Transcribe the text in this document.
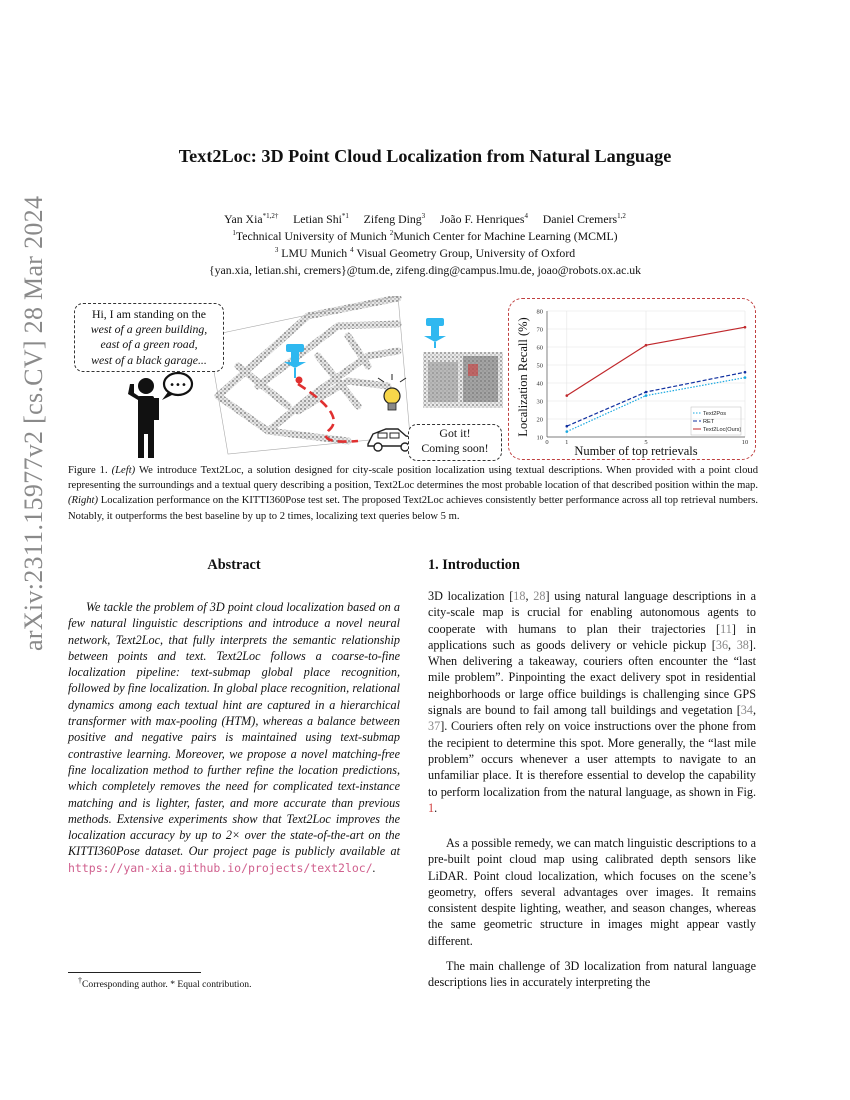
arXiv:2311.15977v2 [cs.CV] 28 Mar 2024
Text2Loc: 3D Point Cloud Localization from Natural Language
Yan Xia$^{*1,2\dagger}$ Letian Shi$^{*1}$ Zifeng Ding$^3$ João F. Henriques$^4$ Daniel Cremers$^{1,2}$
$^1$Technical University of Munich $^2$Munich Center for Machine Learning (MCML)
$^3$ LMU Munich $^4$ Visual Geometry Group, University of Oxford
{yan.xia, letian.shi, cremers}@tum.de, zifeng.ding@campus.lmu.de, joao@robots.ox.ac.uk
•••
Hi, I am standing on the
west of a green building,
east of a green road,
west of a black garage...
Got it!
Coming soon!
10
20
30
40
50
60
70
80
0	1	5	10
Localization Recall (%)
Number of top retrievals
Text2Pos
RET
Text2Loc(Ours)
Figure 1. (Left) We introduce Text2Loc, a solution designed for city-scale position localization using textual descriptions. When provided with a point cloud representing the surroundings and a textual query describing a position, Text2Loc determines the most probable location of that described position within the map. (Right) Localization performance on the KITTI360Pose test set. The proposed Text2Loc achieves consistently better performance across all top retrieval numbers. Notably, it outperforms the best baseline by up to 2 times, localizing text queries below 5 m.
Abstract
We tackle the problem of 3D point cloud localization based on a few natural linguistic descriptions and introduce a novel neural network, Text2Loc, that fully interprets the semantic relationship between points and text. Text2Loc follows a coarse-to-fine localization pipeline: text-submap global place recognition, followed by fine localization. In global place recognition, relational dynamics among each textual hint are captured in a hierarchical transformer with max-pooling (HTM), whereas a balance between positive and negative pairs is maintained using text-submap contrastive learning. Moreover, we propose a novel matching-free fine localization method to further refine the location predictions, which completely removes the need for complicated text-instance matching and is lighter, faster, and more accurate than previous methods. Extensive experiments show that Text2Loc improves the localization accuracy by up to 2× over the state-of-the-art on the KITTI360Pose dataset. Our project page is publicly available at https://yan-xia.github.io/projects/text2loc/.
1. Introduction
3D localization [18, 28] using natural language descriptions in a city-scale map is crucial for enabling autonomous agents to cooperate with humans to plan their trajectories [11] in applications such as goods delivery or vehicle pickup [36, 38]. When delivering a takeaway, couriers often encounter the “last mile problem”. Pinpointing the exact delivery spot in residential neighborhoods or large office buildings is challenging since GPS signals are bound to fail among tall buildings and vegetation [34, 37]. Couriers often rely on voice instructions over the phone from the recipient to determine this spot. More generally, the “last mile problem” occurs whenever a user attempts to navigate to an unfamiliar place. It is therefore essential to develop the capability to perform localization from the natural language, as shown in Fig. 1.
As a possible remedy, we can match linguistic descriptions to a pre-built point cloud map using calibrated depth sensors like LiDAR. Point cloud localization, which focuses on the scene’s geometry, offers several advantages over images. It remains consistent despite lighting, weather, and season changes, whereas the same geometric structure in images might appear vastly different.
The main challenge of 3D localization from natural language descriptions lies in accurately interpreting the
†Corresponding author. * Equal contribution.
